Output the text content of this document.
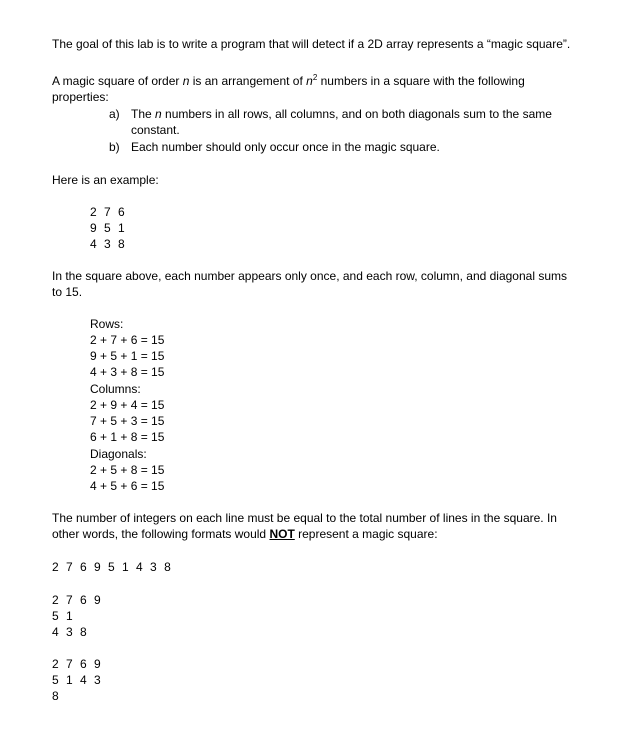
The goal of this lab is to write a program that will detect if a 2D array represents a “magic square”.
A magic square of order n is an arrangement of $n^2$ numbers in a square with the following properties:
a) The n numbers in all rows, all columns, and on both diagonals sum to the same constant.
b) Each number should only occur once in the magic square.
Here is an example:
2 7 6
9 5 1
4 3 8
In the square above, each number appears only once, and each row, column, and diagonal sums to 15.
Rows:
2 + 7 + 6 = 15
9 + 5 + 1 = 15
4 + 3 + 8 = 15
Columns:
2 + 9 + 4 = 15
7 + 5 + 3 = 15
6 + 1 + 8 = 15
Diagonals:
2 + 5 + 8 = 15
4 + 5 + 6 = 15
The number of integers on each line must be equal to the total number of lines in the square. In other words, the following formats would NOT represent a magic square:
2 7 6 9 5 1 4 3 8
2 7 6 9
5 1
4 3 8
2 7 6 9
5 1 4 3
8
